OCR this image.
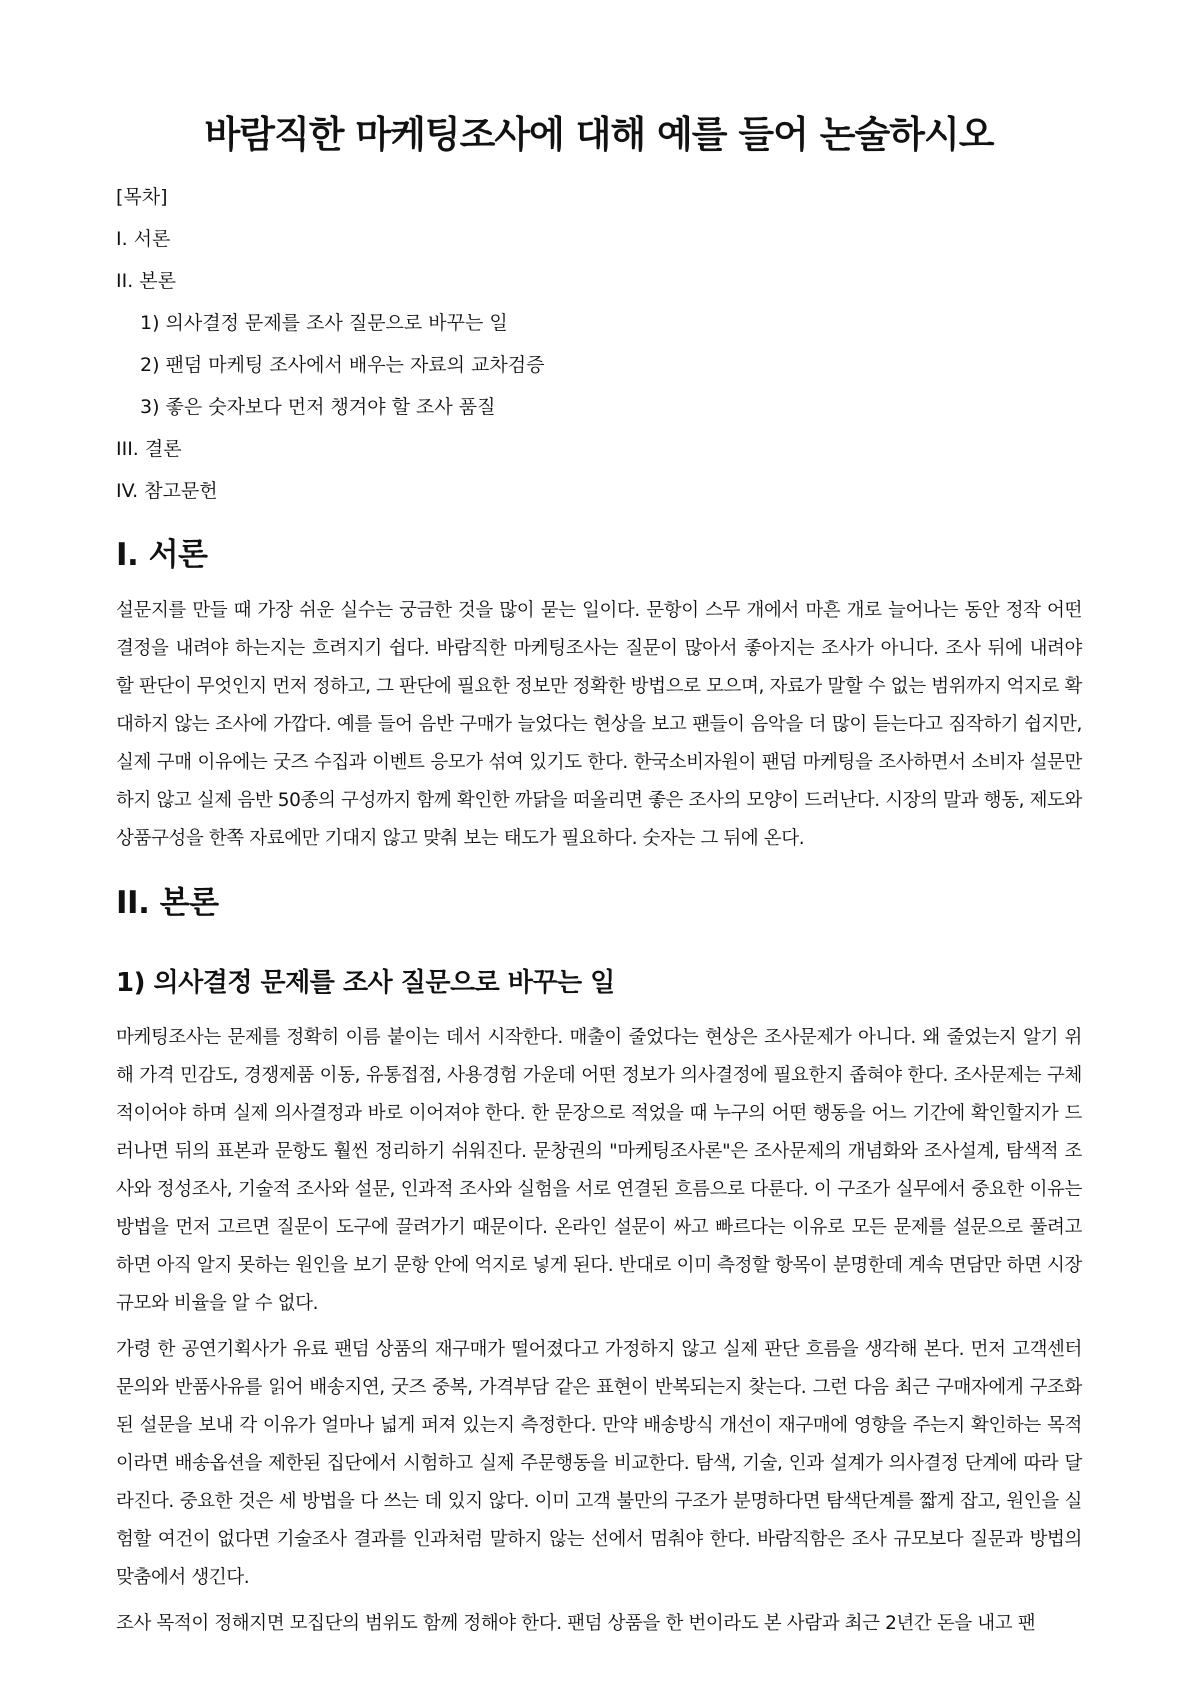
바람직한 마케팅조사에 대해 예를 들어 논술하시오
[목차]
I. 서론
II. 본론
1) 의사결정 문제를 조사 질문으로 바꾸는 일
2) 팬덤 마케팅 조사에서 배우는 자료의 교차검증
3) 좋은 숫자보다 먼저 챙겨야 할 조사 품질
III. 결론
IV. 참고문헌
I. 서론

설문지를 만들 때 가장 쉬운 실수는 궁금한 것을 많이 묻는 일이다. 문항이 스무 개에서 마흔 개로 늘어나는 동안 정작 어떤 결정을 내려야 하는지는 흐려지기 쉽다. 바람직한 마케팅조사는 질문이 많아서 좋아지는 조사가 아니다. 조사 뒤에 내려야 할 판단이 무엇인지 먼저 정하고, 그 판단에 필요한 정보만 정확한 방법으로 모으며, 자료가 말할 수 없는 범위까지 억지로 확대하지 않는 조사에 가깝다. 예를 들어 음반 구매가 늘었다는 현상을 보고 팬들이 음악을 더 많이 듣는다고 짐작하기 쉽지만, 실제 구매 이유에는 굿즈 수집과 이벤트 응모가 섞여 있기도 한다. 한국소비자원이 팬덤 마케팅을 조사하면서 소비자 설문만 하지 않고 실제 음반 50종의 구성까지 함께 확인한 까닭을 떠올리면 좋은 조사의 모양이 드러난다. 시장의 말과 행동, 제도와 상품구성을 한쪽 자료에만 기대지 않고 맞춰 보는 태도가 필요하다. 숫자는 그 뒤에 온다.

II. 본론
1) 의사결정 문제를 조사 질문으로 바꾸는 일

마케팅조사는 문제를 정확히 이름 붙이는 데서 시작한다. 매출이 줄었다는 현상은 조사문제가 아니다. 왜 줄었는지 알기 위해 가격 민감도, 경쟁제품 이동, 유통접점, 사용경험 가운데 어떤 정보가 의사결정에 필요한지 좁혀야 한다. 조사문제는 구체적이어야 하며 실제 의사결정과 바로 이어져야 한다. 한 문장으로 적었을 때 누구의 어떤 행동을 어느 기간에 확인할지가 드러나면 뒤의 표본과 문항도 훨씬 정리하기 쉬워진다. 문창권의 "마케팅조사론"은 조사문제의 개념화와 조사설계, 탐색적 조사와 정성조사, 기술적 조사와 설문, 인과적 조사와 실험을 서로 연결된 흐름으로 다룬다. 이 구조가 실무에서 중요한 이유는 방법을 먼저 고르면 질문이 도구에 끌려가기 때문이다. 온라인 설문이 싸고 빠르다는 이유로 모든 문제를 설문으로 풀려고 하면 아직 알지 못하는 원인을 보기 문항 안에 억지로 넣게 된다. 반대로 이미 측정할 항목이 분명한데 계속 면담만 하면 시장 규모와 비율을 알 수 없다.

가령 한 공연기획사가 유료 팬덤 상품의 재구매가 떨어졌다고 가정하지 않고 실제 판단 흐름을 생각해 본다. 먼저 고객센터 문의와 반품사유를 읽어 배송지연, 굿즈 중복, 가격부담 같은 표현이 반복되는지 찾는다. 그런 다음 최근 구매자에게 구조화된 설문을 보내 각 이유가 얼마나 넓게 퍼져 있는지 측정한다. 만약 배송방식 개선이 재구매에 영향을 주는지 확인하는 목적이라면 배송옵션을 제한된 집단에서 시험하고 실제 주문행동을 비교한다. 탐색, 기술, 인과 설계가 의사결정 단계에 따라 달라진다. 중요한 것은 세 방법을 다 쓰는 데 있지 않다. 이미 고객 불만의 구조가 분명하다면 탐색단계를 짧게 잡고, 원인을 실험할 여건이 없다면 기술조사 결과를 인과처럼 말하지 않는 선에서 멈춰야 한다. 바람직함은 조사 규모보다 질문과 방법의 맞춤에서 생긴다.

조사 목적이 정해지면 모집단의 범위도 함께 정해야 한다. 팬덤 상품을 한 번이라도 본 사람과 최근 2년간 돈을 내고 팬
